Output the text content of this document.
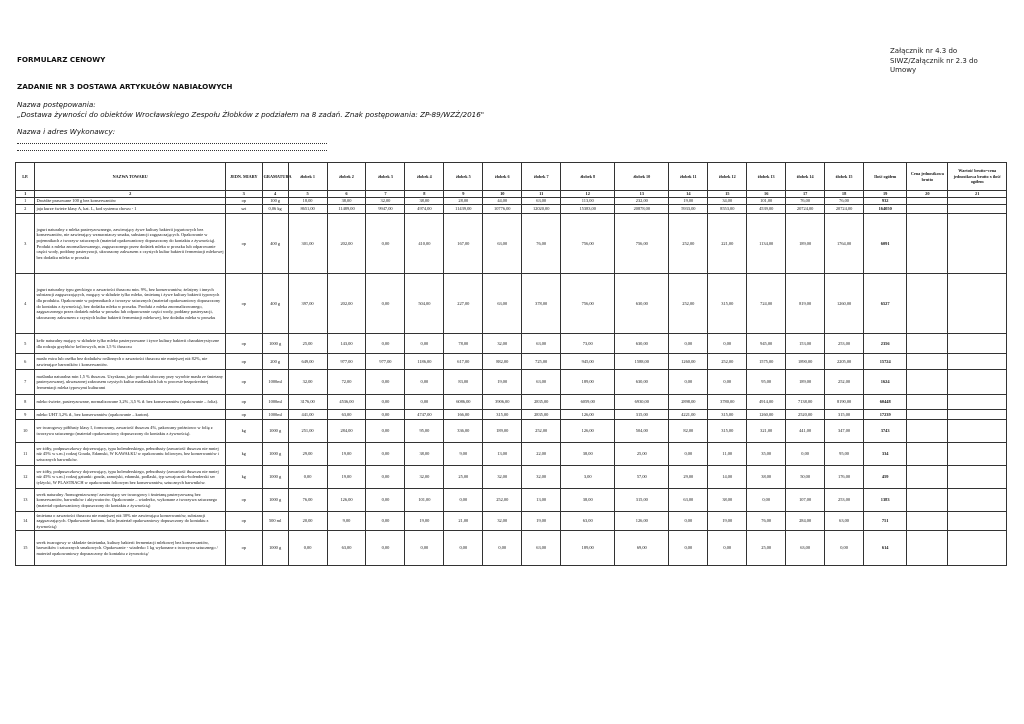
FORMULARZ CENOWY
Załącznik nr 4.3 do SIWZ/Załącznik nr 2.3 do Umowy
ZADANIE NR 3 DOSTAWA ARTYKUŁÓW NABIAŁOWYCH
Nazwa postępowania:
„Dostawa żywności do obiektów Wrocławskiego Zespołu Żłobków z podziałem na 8 zadań. Znak postępowania: ZP-89/WZŻ/2016"
Nazwa i adres Wykonawcy:
LP.	NAZWA TOWARU	JEDN. MIARY	GRAMATURA	żłobek 1	żłobek 2	żłobek 3	żłobek 4	żłobek 5	żłobek 6	żłobek 7	żłobek 8	żłobek 10	żłobek 11	żłobek 12	żłobek 13	żłobek 14	żłobek 15	Ilość ogółem	Cena jednostkowa brutto	Wartość brutto=cena jednostkowa brutto x ilość ogółem
1	2	3	4	5	6	7	8	9	10	11	12	13	14	15	16	17	18	19	20	21
1	Drożdże prasowane 100 g bez konserwantów	op	100 g	18,00	38,00	32,00	38,00	28,00	44,00	63,00	113,00	232,00	19,00	34,00	101,00	76,00	76,00	932		
2	jaja kurze świeże klasy A, kat. L, kod systemu chowu - 1	szt	0,06 kg	8651,00	11489,00	9947,00	4974,00	11439,00	10776,00	12020,00	15383,00	20878,00	5933,00	8553,00	4539,00	20724,00	20724,00	164050		
3	jogurt naturalny z mleka pasteryzowanego, zawierający żywe kultury bakterii jogurtowych bez konserwantów, nie zawierający wzmacniaczy smaku, substancji zagęszczających. Opakowanie w pojemnikach z tworzyw sztucznych (materiał opakowaniowy dopuszczony do kontaktu z żywnością). Produkt z mleka znormalizowanego, zagęszczonego przez dodatek mleka w proszku lub odparowanie części wody, poddany pasteryzacji, ukwaszony zakwasem z czystych kultur bakterii fermentacji mlekowej bez dodatku mleka w proszku	op	400 g	301,00	202,00	0,00	410,00	167,00	63,00	76,00	756,00	756,00	252,00	221,00	1134,00	189,00	1764,00	6091		
4	jogurt naturalny typu greckiego o zawartości tłuszczu min. 9%, bez konserwantów, żelatyny i innych substancji zagęszczających, mogący w składzie tylko mleko, śmietanę i żywe kultury bakterii typowych dla produktu. Opakowanie w pojemnikach z tworzyw sztucznych (materiał opakowaniowy dopuszczony do kontaktu z żywnością), bez dodatku mleka w proszku. Produkt z mleka znormalizowanego, zagęszczonego przez dodatek mleka w proszku lub odparowanie części wody, poddany pasteryzacji, ukwaszony zakwasem z czystych kultur bakterii fermentacji mlekowej, bez dodatku mleka w proszku	op	400 g	397,00	202,00	0,00	504,00	227,00	63,00	378,00	756,00	630,00	252,00	315,00	724,00	819,00	1260,00	6527		
5	kefir naturalny mający w składzie tylko mleko pasteryzowane i żywe kultury bakterii charakterystyczne dla rodzaju grzybków kefirowych, min 1,5 % tłuszczu	op	1000 g	25,00	143,00	0,00	0,00	78,00	32,00	63,00	73,00	630,00	0,00	0,00	945,00	153,00	253,00	2356		
6	masło extra lub osełka bez dodatków roślinnych o zawartości tłuszczu nie mniejszej niż 82%, nie zawierające barwników i konserwantów.	op	200 g	649,00	977,00	977,00	1186,00	617,00	882,00	725,00	945,00	1588,00	1260,00	252,00	1575,00	1890,00	2205,00	15724		
7	maślanka naturalna min 1,5 % tłuszczu. Uzyskana, jako produkt uboczny przy wyrobie masła ze śmietany pasteryzowanej, ukwaszonej zakwasem czystych kultur maślarskich lub w procesie bezpośredniej fermentacji mleka typowymi kulturami	op	1000ml	32,00	72,00	0,00	0,00	83,00	19,00	63,00	189,00	630,00	0,00	0,00	95,00	189,00	252,00	1624		
8	mleko świeże, pasteryzowane, normalizowane 3,2% ,3,5 % tł. bez konserwantów (opakowanie – folia).	op	1000ml	3176,00	4536,00	0,00	0,00	6086,00	3906,00	2835,00	6059,00	6930,00	2898,00	3780,00	4914,00	7138,00	8190,00	60448		
9	mleko UHT 3,2% tł., bez konserwantów (opakowanie – karton).	op	1000ml	441,00	63,00	0,00	4747,00	166,00	315,00	2835,00	126,00	315,00	4221,00	315,00	1260,00	2520,00	315,00	17239		
10	ser twarogowy półtłusty klasy I, formowany, zawartość tłuszczu 4%, pakowany próżniowo w folię z tworzywa sztucznego (materiał opakowaniowy dopuszczony do kontaktu z żywnością).	kg	1000 g	251,00	284,00	0,00	95,00	336,00	189,00	252,00	126,00	504,00	82,00	315,00	321,00	441,00	347,00	3743		
11	ser żółty, podpuszczkowy dojrzewający, typu holenderskiego, pełnotłusty (zawartość tłuszczu nie mniej niż 45% w s.m.) rodzaj Gouda, Edamski, W KAWAŁKU w opakowaniu foliowym, bez konserwantów i sztucznych barwników.	kg	1000 g	29,00	19,00	0,00	38,00	9,00	13,00	22,00	38,00	25,00	0,00	11,00	35,00	0,00	95,00	334		
12	ser żółty, podpuszczkowy dojrzewający, typu holenderskiego, pełnotłusty (zawartość tłuszczu nie mniej niż 45% w s.m.) rodzaj gatunki: gouda, zamojski, edamski, podlaski, typ szwajcarsko-holenderski ser tylżycki, W PLASTRACH w opakowaniu foliowym bez konserwantów, sztucznych barwników.	kg	1000 g	0,00	19,00	0,00	32,00	25,00	32,00	32,00	3,00	57,00	29,00	14,00	38,00	50,00	176,00	459		
13	serek naturalny /homogenizowany/ zawierający ser twarogowy i śmietanę pasteryzowaną bez konserwantów, barwników i aktywatorów. Opakowanie – wiaderko, wykonane z tworzywa sztucznego (materiał opakowaniowy dopuszczony do kontaktu z żywnością)	op	1000 g	76,00	126,00	0,00	101,00	0,00	252,00	13,00	38,00	315,00	63,00	38,00	0,00	107,00	253,00	1383		
14	śmietana o zawartości tłuszczu nie mniejszej niż 30% nie zawierająca konserwantów, substancji zagęszczających. Opakowanie kartonu, folia (materiał opakowaniowy dopuszczony do kontaktu z żywnością)	op	500 ml	20,00	9,00	0,00	19,00	21,00	32,00	19,00	63,00	126,00	0,00	19,00	76,00	284,00	63,00	751		
15	serek twarogowy w składzie śmietanka, kultury bakterii fermentacji mlekowej bez konserwantów, barwników i sztucznych smakowych. Opakowanie - wiaderko 1 kg wykonane z tworzywa sztucznego / materiał opakowaniowy dopuszczony do kontaktu z żywnością/	op	1000 g	0,00	63,00	0,00	0,00	0,00	0,00	63,00	189,00	69,00	0,00	0,00	25,00	63,00	0,00	614		
